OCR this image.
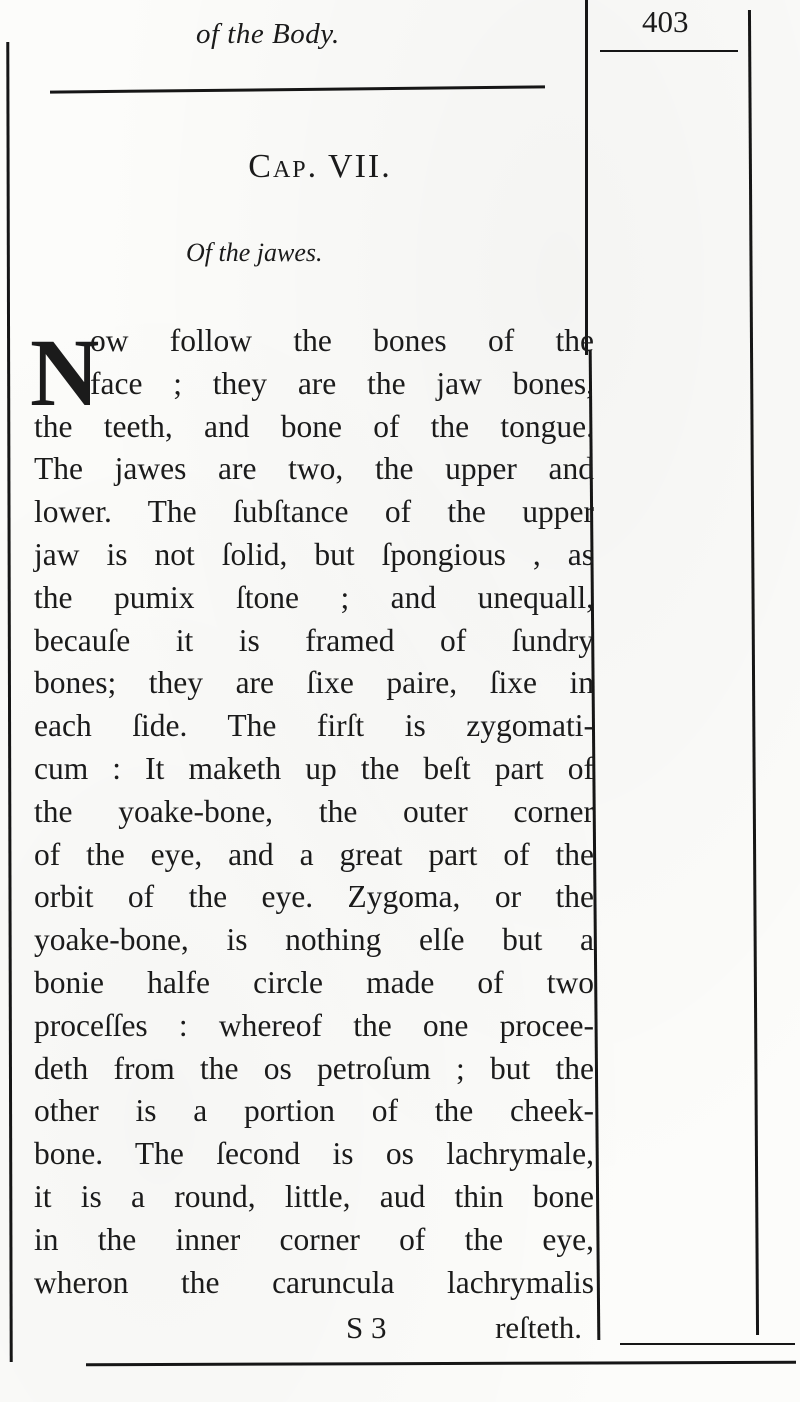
of the Body.	403
Cap. VII.
Of the jawes.
N
ow follow the bones of the
face ; they are the jaw bones,
the teeth, and bone of the tongue.
The jawes are two, the upper and
lower. The ſubſtance of the upper
jaw is not ſolid, but ſpongious , as
the pumix ſtone ; and unequall,
becauſe it is framed of ſundry
bones; they are ſixe paire, ſixe in
each ſide. The firſt is zygomati-
cum : It maketh up the beſt part of
the yoake-bone, the outer corner
of the eye, and a great part of the
orbit of the eye. Zygoma, or the
yoake-bone, is nothing elſe but a
bonie halfe circle made of two
proceſſes : whereof the one procee-
deth from the os petroſum ; but the
other is a portion of the cheek-
bone. The ſecond is os lachrymale,
it is a round, little, aud thin bone
in the inner corner of the eye,
wheron the caruncula lachrymalis
S 3	reſteth.
